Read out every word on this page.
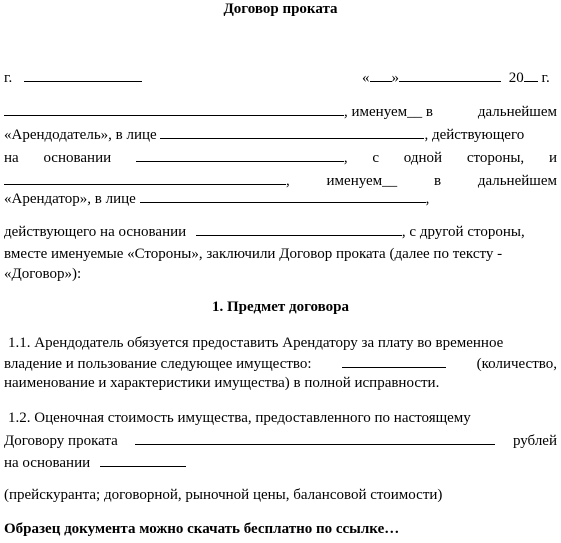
Договор проката
г.	« »	20 г.
, именуем__ в	дальнейшем
«Арендодатель», в лице	, действующего
на основании	, с одной стороны, и
, именуем__ в дальнейшем
«Арендатор», в лице	,
действующего на основании	, с другой стороны,
вместе именуемые «Стороны», заключили Договор проката (далее по тексту -
«Договор»):
1. Предмет договора
1.1. Арендодатель обязуется предоставить Арендатору за плату во временное
владение и пользование следующее имущество:	(количество,
наименование и характеристики имущества) в полной исправности.
1.2. Оценочная стоимость имущества, предоставленного по настоящему
Договору проката	рублей
на основании
(прейскуранта; договорной, рыночной цены, балансовой стоимости)
Образец документа можно скачать бесплатно по ссылке…
